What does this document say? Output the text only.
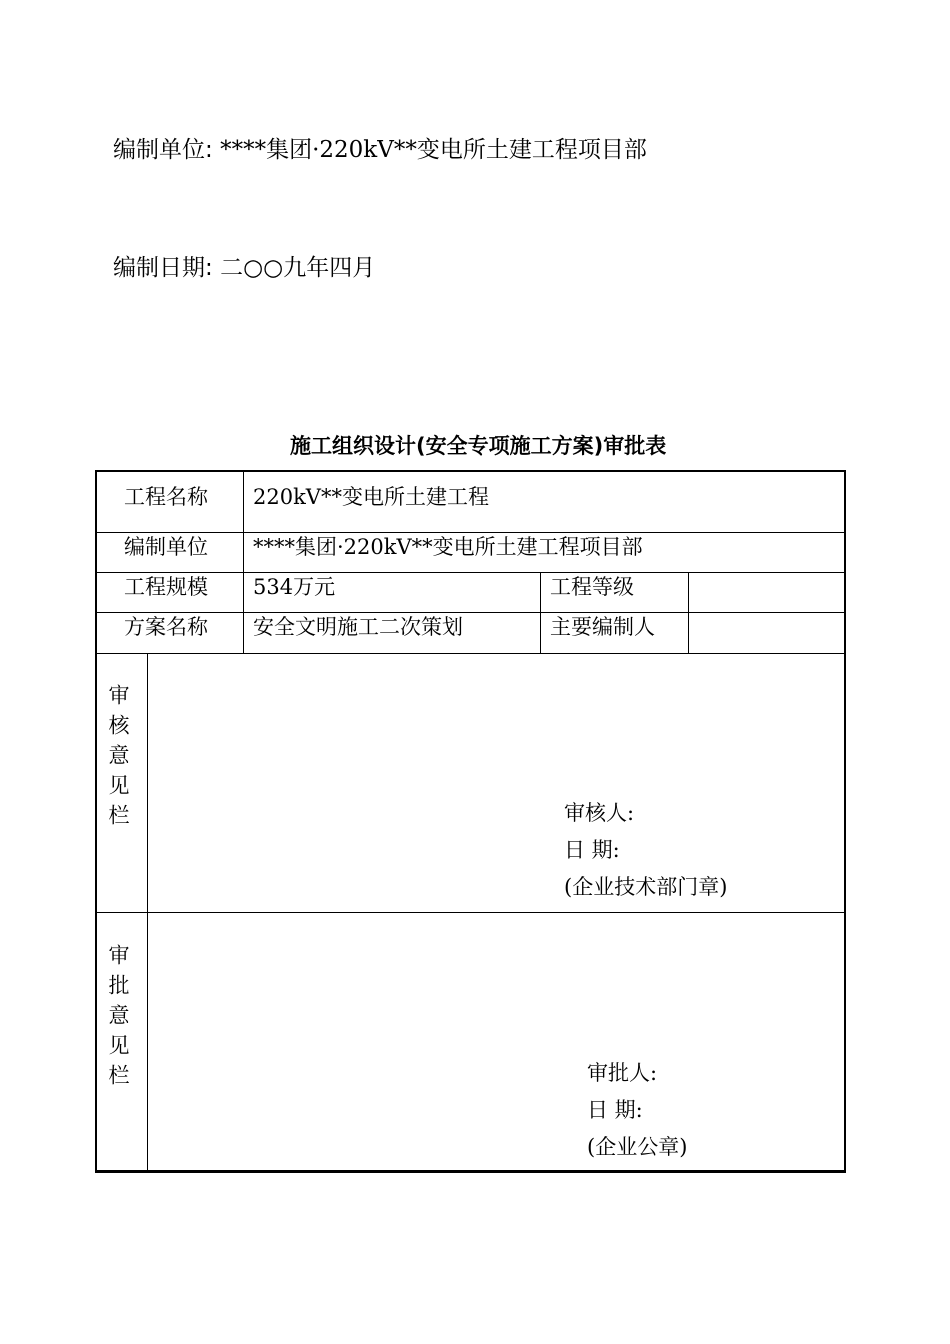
编制单位: ****集团·220kV**变电所土建工程项目部
编制日期: 二○○九年四月
施工组织设计(安全专项施工方案)审批表
工程名称 220kV**变电所土建工程
编制单位 ****集团·220kV**变电所土建工程项目部
工程规模 534万元	工程等级
方案名称 安全文明施工二次策划	主要编制人
审核意见栏	审核人:
日 期:
(企业技术部门章)
审批意见栏	审批人:
日 期:
(企业公章)
